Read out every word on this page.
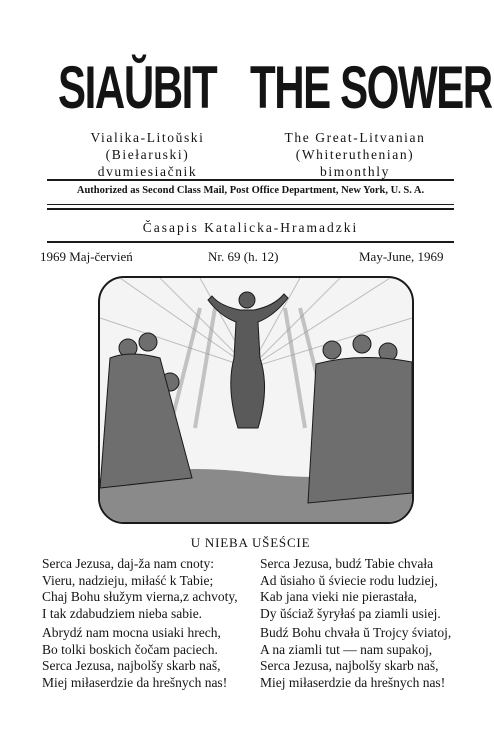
SIAŬBIT THE SOWER
Vialika-Litoŭski
(Biełaruski)
dvumiesiačnik
The Great-Litvanian
(Whiteruthenian)
bimonthly
Authorized as Second Class Mail, Post Office Department, New York, U. S. A.
Časapis Katalicka-Hramadzki
1969 Maj-červień	Nr. 69 (h. 12)	May-June, 1969
U NIEBA UŠEŚCIE
Serca Jezusa, daj-ža nam cnoty:
Vieru, nadzieju, miłaść k Tabie;
Chaj Bohu słužym vierna,z achvoty,
I tak zdabudziem nieba sabie.
Abrydź nam mocna usiaki hrech,
Bo tolki boskich čočam paciech.
Serca Jezusa, najbolšy skarb naš,
Miej miłaserdzie da hrešnych nas!
Serca Jezusa, budź Tabie chvała
Ad ŭsiaho ŭ śviecie rodu ludziej,
Kab jana vieki nie pierastała,
Dy ŭściaž šyryłaś pa ziamli usiej.
Budź Bohu chvała ŭ Trojcy śviatoj,
A na ziamli tut — nam supakoj,
Serca Jezusa, najbolšy skarb naš,
Miej miłaserdzie da hrešnych nas!
